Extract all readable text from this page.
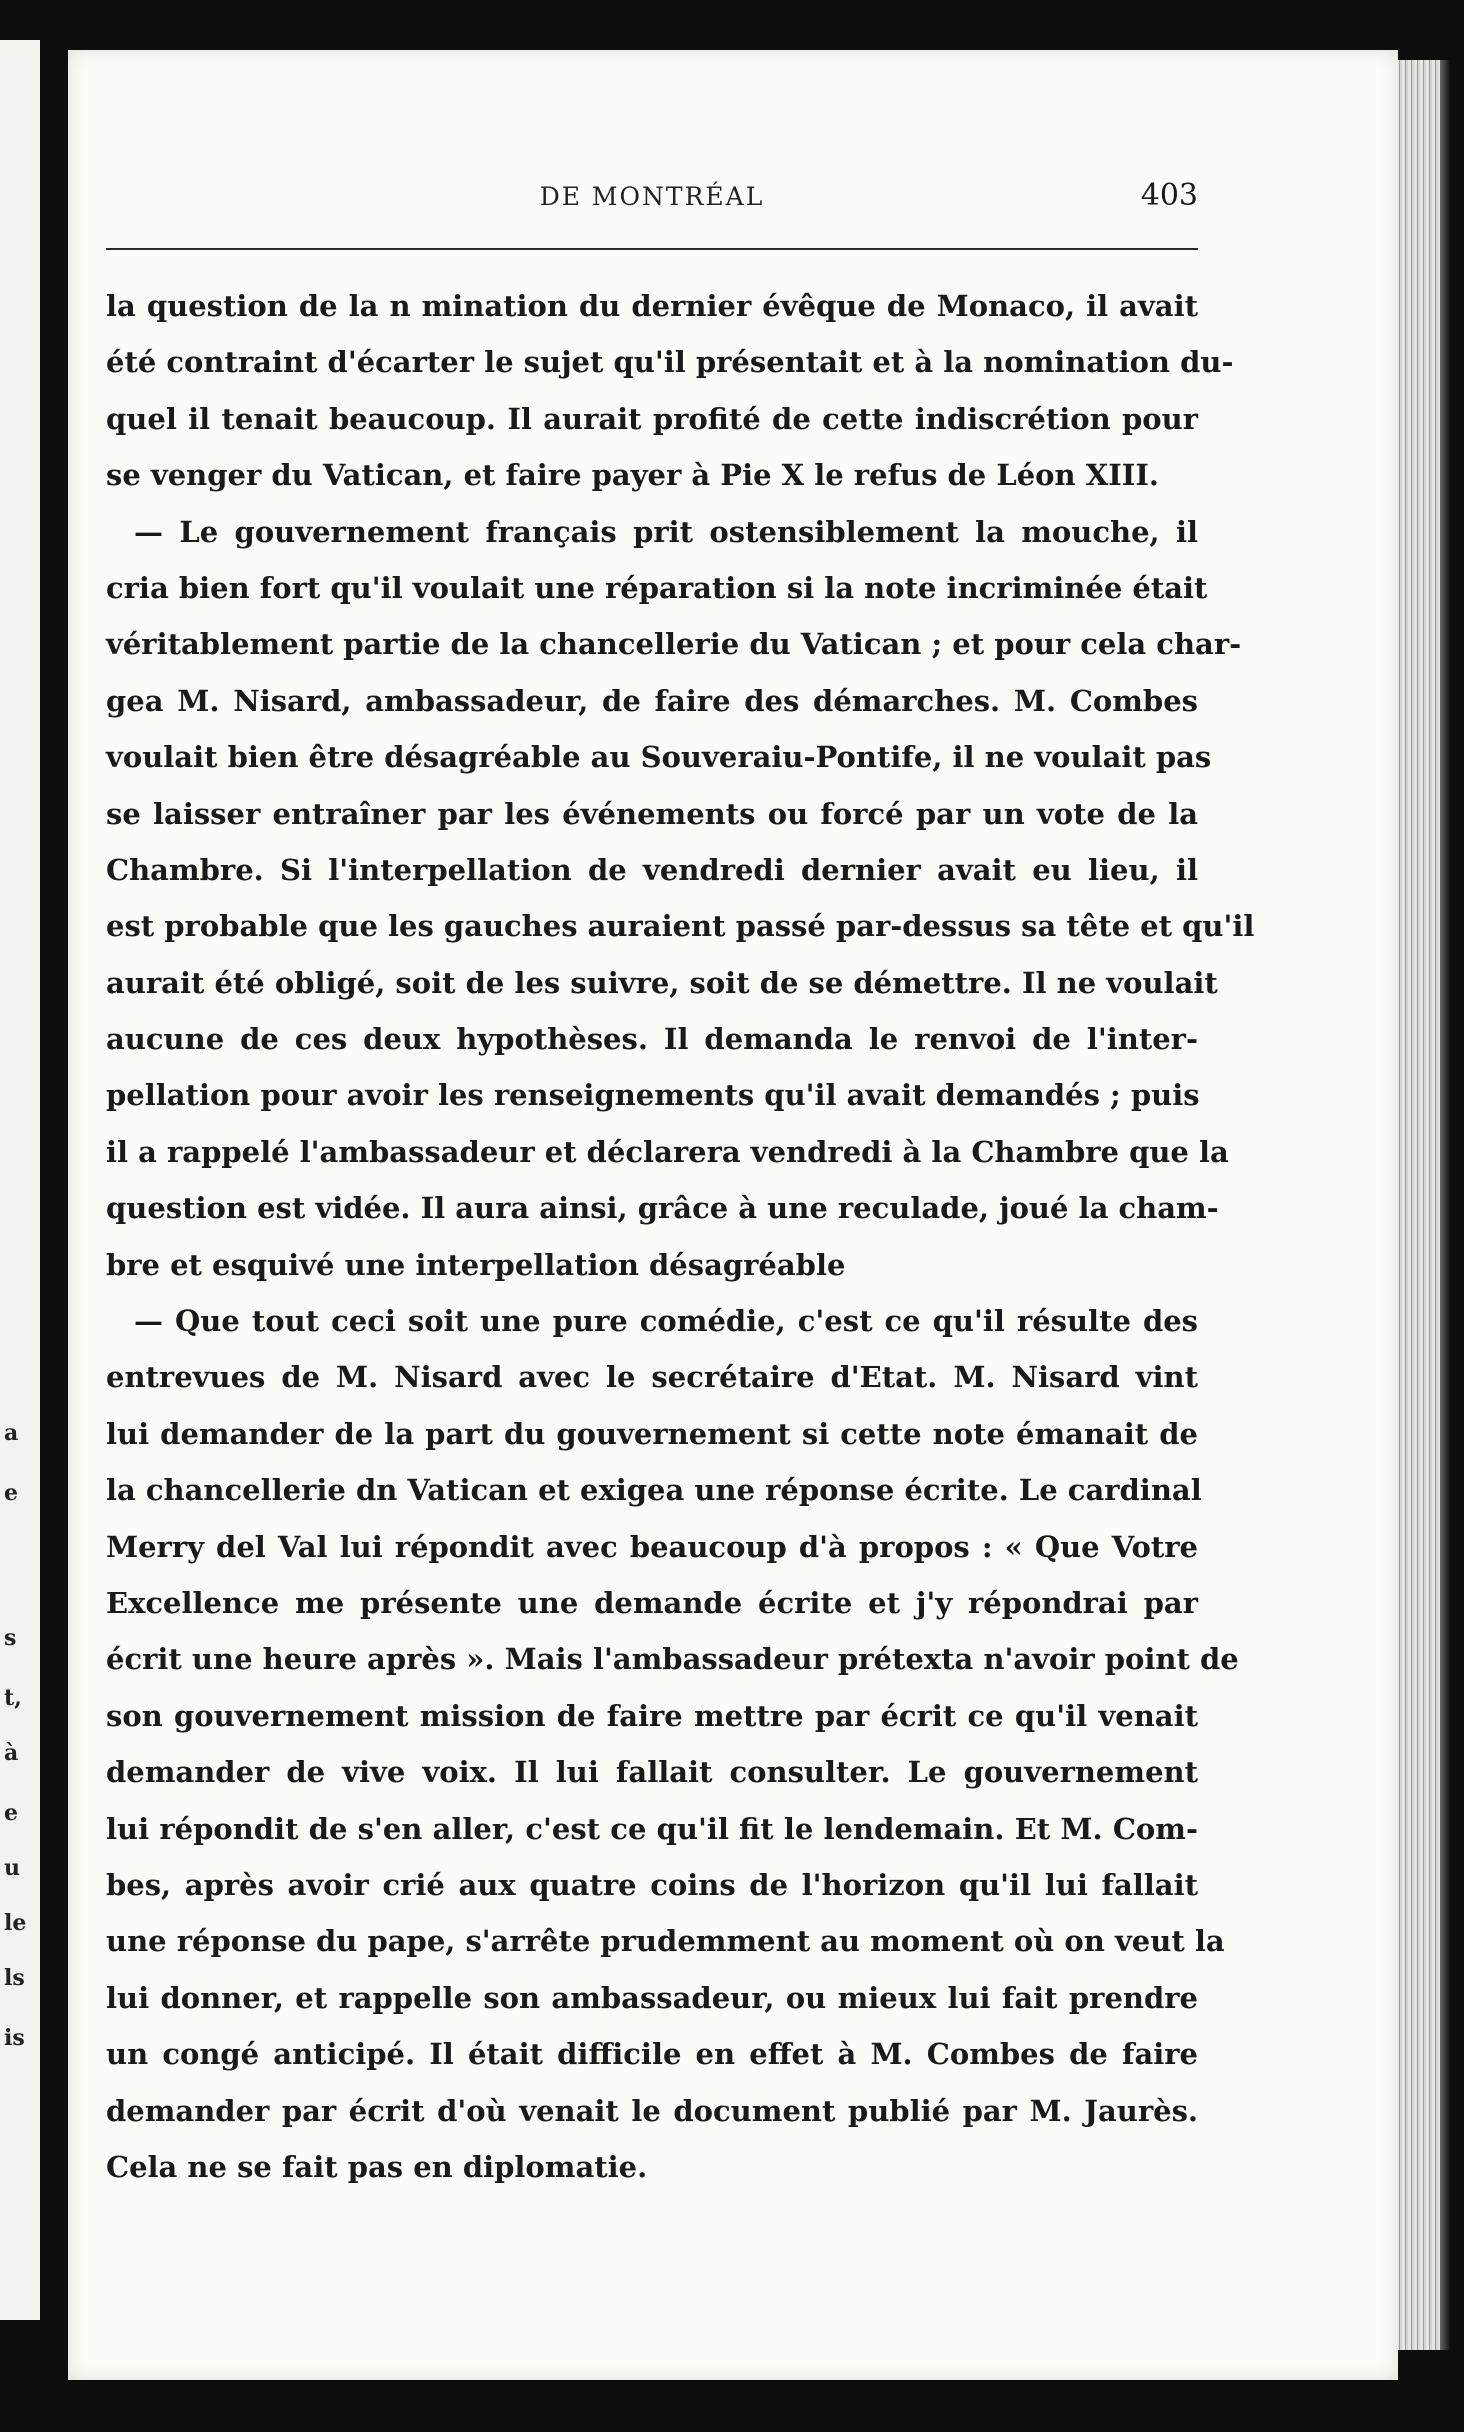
a
e
s
t,
à
e
u
le
ls
is
DE MONTRÉAL	403
la question de la n mination du dernier évêque de Monaco, il avait
été contraint d'écarter le sujet qu'il présentait et à la nomination du-
quel il tenait beaucoup. Il aurait profité de cette indiscrétion pour
se venger du Vatican, et faire payer à Pie X le refus de Léon XIII.
— Le gouvernement français prit ostensiblement la mouche, il
cria bien fort qu'il voulait une réparation si la note incriminée était
véritablement partie de la chancellerie du Vatican ; et pour cela char-
gea M. Nisard, ambassadeur, de faire des démarches. M. Combes
voulait bien être désagréable au Souveraiu-Pontife, il ne voulait pas
se laisser entraîner par les événements ou forcé par un vote de la
Chambre. Si l'interpellation de vendredi dernier avait eu lieu, il
est probable que les gauches auraient passé par-dessus sa tête et qu'il
aurait été obligé, soit de les suivre, soit de se démettre. Il ne voulait
aucune de ces deux hypothèses. Il demanda le renvoi de l'inter-
pellation pour avoir les renseignements qu'il avait demandés ; puis
il a rappelé l'ambassadeur et déclarera vendredi à la Chambre que la
question est vidée. Il aura ainsi, grâce à une reculade, joué la cham-
bre et esquivé une interpellation désagréable
— Que tout ceci soit une pure comédie, c'est ce qu'il résulte des
entrevues de M. Nisard avec le secrétaire d'Etat. M. Nisard vint
lui demander de la part du gouvernement si cette note émanait de
la chancellerie dn Vatican et exigea une réponse écrite. Le cardinal
Merry del Val lui répondit avec beaucoup d'à propos : « Que Votre
Excellence me présente une demande écrite et j'y répondrai par
écrit une heure après ». Mais l'ambassadeur prétexta n'avoir point de
son gouvernement mission de faire mettre par écrit ce qu'il venait
demander de vive voix. Il lui fallait consulter. Le gouvernement
lui répondit de s'en aller, c'est ce qu'il fit le lendemain. Et M. Com-
bes, après avoir crié aux quatre coins de l'horizon qu'il lui fallait
une réponse du pape, s'arrête prudemment au moment où on veut la
lui donner, et rappelle son ambassadeur, ou mieux lui fait prendre
un congé anticipé. Il était difficile en effet à M. Combes de faire
demander par écrit d'où venait le document publié par M. Jaurès.
Cela ne se fait pas en diplomatie.
